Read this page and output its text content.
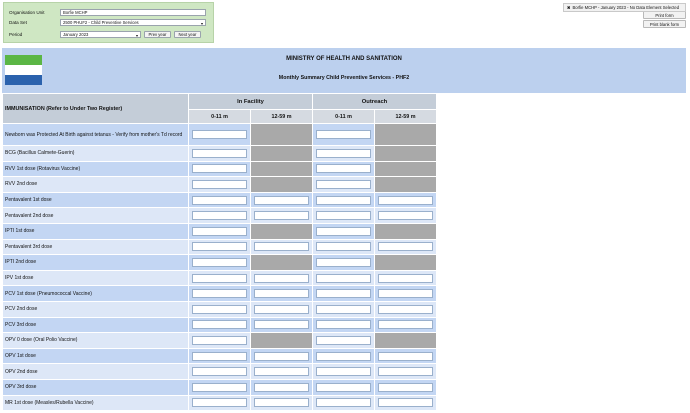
Organisation Unit	Borfie MCHP
Data Set	2500 PHUF2 - Child Preventive Services	▾
Period	January 2023	▾	Prev year	Next year
Print form
Print blank form
✖ Borfie MCHP - January 2023 - No Data Element Selected
MINISTRY OF HEALTH AND SANITATION
Monthly Summary Child Preventive Services - PHF2
IMMUNISATION (Refer to Under Two Register)	In Facility		Outreach	
	0-11 m	12-59 m	0-11 m	12-59 m
Newborn was Protected At Birth against tetanus - Verify from mother's Td record	

BCG (Bacillus Calmete-Guerin)	

RVV 1st dose (Rotavirus Vaccine)	

RVV 2nd dose	

Pentavalent 1st dose	

Pentavalent 2nd dose	

IPTI 1st dose	

Pentavalent 3rd dose	

IPTI 2nd dose	

IPV 1st dose	

PCV 1st dose (Pneumococcal Vaccine)	

PCV 2nd dose	

PCV 3rd dose	

OPV 0 dose (Oral Polio Vaccine)	

OPV 1st dose	

OPV 2nd dose	

OPV 3rd dose	

MR 1st dose (Measles/Rubella Vaccine)	
